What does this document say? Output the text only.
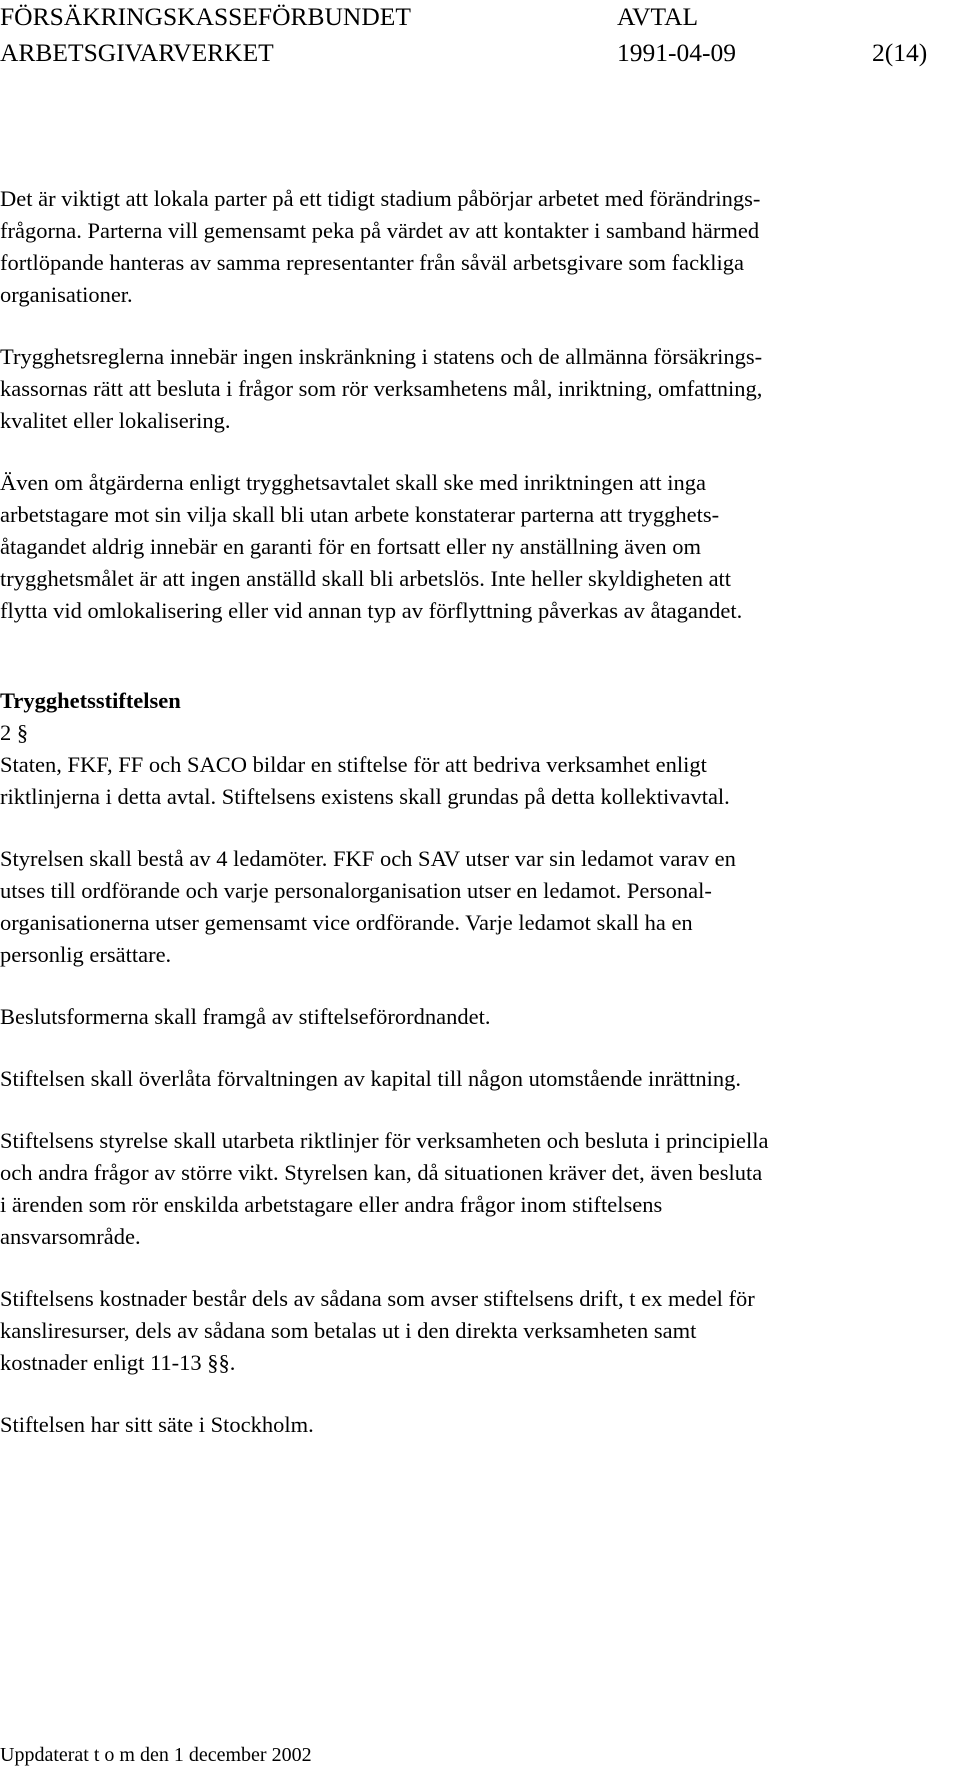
FÖRSÄKRINGSKASSEFÖRBUNDET
ARBETSGIVARVERKET
AVTAL
1991-04-09	2(14)
Det är viktigt att lokala parter på ett tidigt stadium påbörjar arbetet med förändrings-
frågorna. Parterna vill gemensamt peka på värdet av att kontakter i samband härmed
fortlöpande hanteras av samma representanter från såväl arbetsgivare som fackliga
organisationer.
Trygghetsreglerna innebär ingen inskränkning i statens och de allmänna försäkrings-
kassornas rätt att besluta i frågor som rör verksamhetens mål, inriktning, omfattning,
kvalitet eller lokalisering.
Även om åtgärderna enligt trygghetsavtalet skall ske med inriktningen att inga
arbetstagare mot sin vilja skall bli utan arbete konstaterar parterna att trygghets-
åtagandet aldrig innebär en garanti för en fortsatt eller ny anställning även om
trygghetsmålet är att ingen anställd skall bli arbetslös. Inte heller skyldigheten att
flytta vid omlokalisering eller vid annan typ av förflyttning påverkas av åtagandet.
Trygghetsstiftelsen
2 §
Staten, FKF, FF och SACO bildar en stiftelse för att bedriva verksamhet enligt
riktlinjerna i detta avtal. Stiftelsens existens skall grundas på detta kollektivavtal.
Styrelsen skall bestå av 4 ledamöter. FKF och SAV utser var sin ledamot varav en
utses till ordförande och varje personalorganisation utser en ledamot. Personal-
organisationerna utser gemensamt vice ordförande. Varje ledamot skall ha en
personlig ersättare.
Beslutsformerna skall framgå av stiftelseförordnandet.
Stiftelsen skall överlåta förvaltningen av kapital till någon utomstående inrättning.
Stiftelsens styrelse skall utarbeta riktlinjer för verksamheten och besluta i principiella
och andra frågor av större vikt. Styrelsen kan, då situationen kräver det, även besluta
i ärenden som rör enskilda arbetstagare eller andra frågor inom stiftelsens
ansvarsområde.
Stiftelsens kostnader består dels av sådana som avser stiftelsens drift, t ex medel för
kansliresurser, dels av sådana som betalas ut i den direkta verksamheten samt
kostnader enligt 11-13 §§.
Stiftelsen har sitt säte i Stockholm.
Uppdaterat t o m den 1 december 2002
